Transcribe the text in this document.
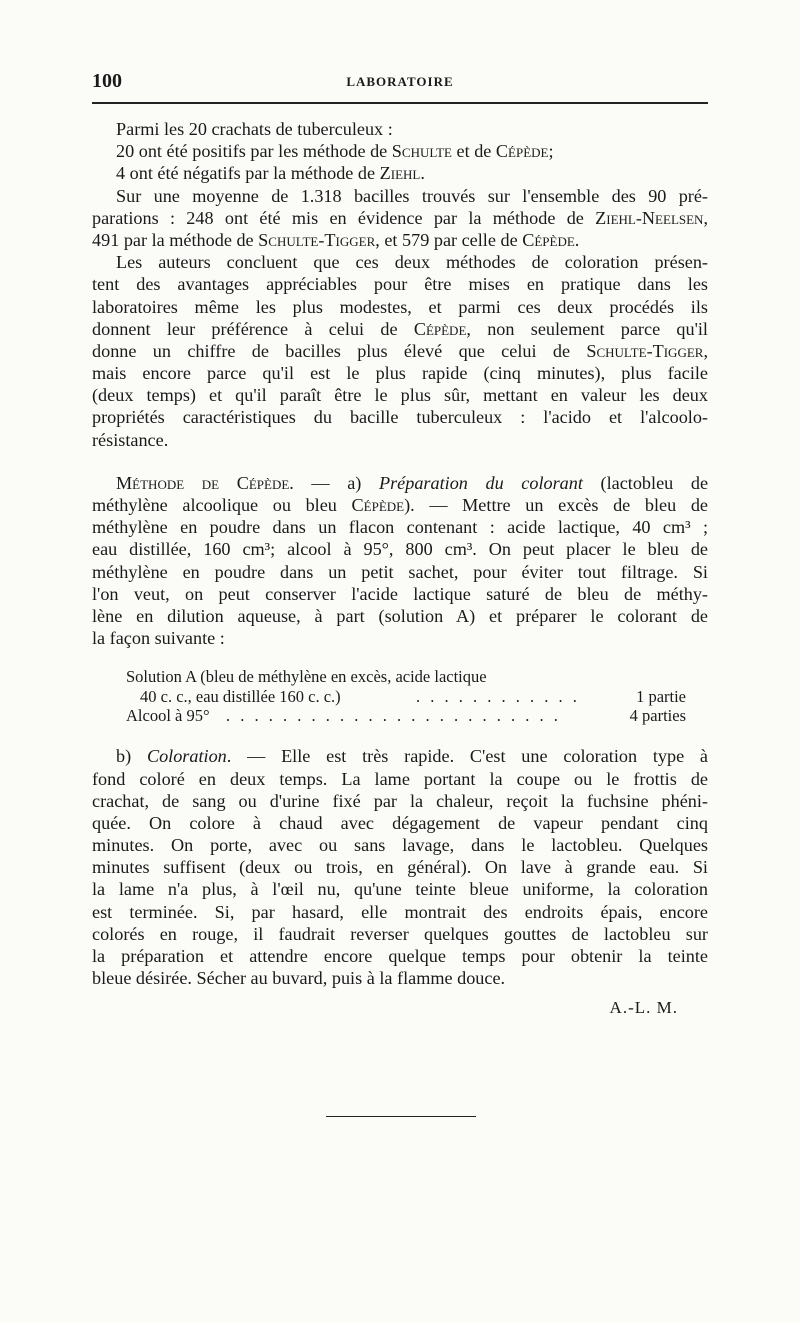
100	LABORATOIRE
Parmi les 20 crachats de tuberculeux :
20 ont été positifs par les méthode de Schulte et de Cépède;
4 ont été négatifs par la méthode de Ziehl.
Sur une moyenne de 1.318 bacilles trouvés sur l'ensemble des 90 pré-
parations : 248 ont été mis en évidence par la méthode de Ziehl-Neelsen,
491 par la méthode de Schulte-Tigger, et 579 par celle de Cépède.
Les auteurs concluent que ces deux méthodes de coloration présen-
tent des avantages appréciables pour être mises en pratique dans les
laboratoires même les plus modestes, et parmi ces deux procédés ils
donnent leur préférence à celui de Cépède, non seulement parce qu'il
donne un chiffre de bacilles plus élevé que celui de Schulte-Tigger,
mais encore parce qu'il est le plus rapide (cinq minutes), plus facile
(deux temps) et qu'il paraît être le plus sûr, mettant en valeur les deux
propriétés caractéristiques du bacille tuberculeux : l'acido et l'alcoolo-
résistance.
Méthode de Cépède. — a) Préparation du colorant (lactobleu de
méthylène alcoolique ou bleu Cépède). — Mettre un excès de bleu de
méthylène en poudre dans un flacon contenant : acide lactique, 40 cm³ ;
eau distillée, 160 cm³; alcool à 95°, 800 cm³. On peut placer le bleu de
méthylène en poudre dans un petit sachet, pour éviter tout filtrage. Si
l'on veut, on peut conserver l'acide lactique saturé de bleu de méthy-
lène en dilution aqueuse, à part (solution A) et préparer le colorant de
la façon suivante :
Solution A (bleu de méthylène en excès, acide lactique
40 c. c., eau distillée 160 c. c.)	. . . . . . . . . . . .	1 partie
Alcool à 95° . . . . . . . . . . . . . . . . . . . . . . . .	4 parties
b) Coloration. — Elle est très rapide. C'est une coloration type à
fond coloré en deux temps. La lame portant la coupe ou le frottis de
crachat, de sang ou d'urine fixé par la chaleur, reçoit la fuchsine phéni-
quée. On colore à chaud avec dégagement de vapeur pendant cinq
minutes. On porte, avec ou sans lavage, dans le lactobleu. Quelques
minutes suffisent (deux ou trois, en général). On lave à grande eau. Si
la lame n'a plus, à l'œil nu, qu'une teinte bleue uniforme, la coloration
est terminée. Si, par hasard, elle montrait des endroits épais, encore
colorés en rouge, il faudrait reverser quelques gouttes de lactobleu sur
la préparation et attendre encore quelque temps pour obtenir la teinte
bleue désirée. Sécher au buvard, puis à la flamme douce.
A.-L. M.
